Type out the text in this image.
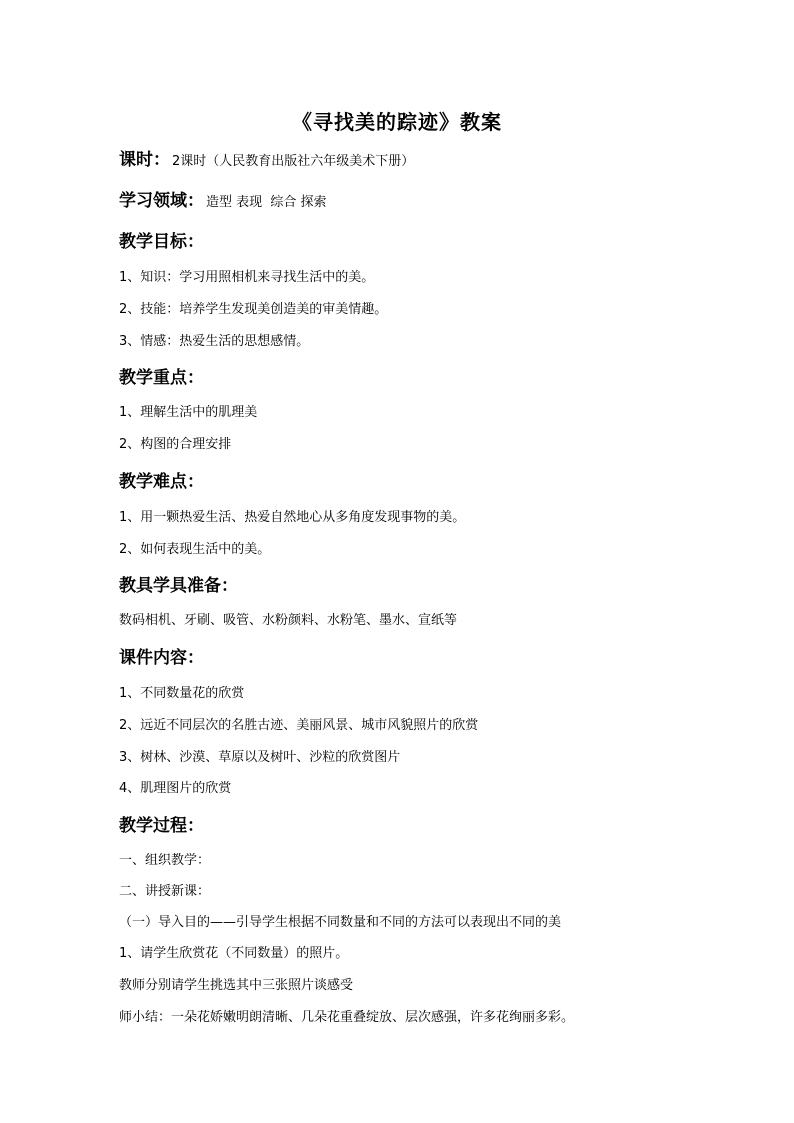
《寻找美的踪迹》教案
课时： 2课时（人民教育出版社六年级美术下册）
学习领域： 造型 表现  综合 探索
教学目标：
1、知识：学习用照相机来寻找生活中的美。
2、技能：培养学生发现美创造美的审美情趣。
3、情感：热爱生活的思想感情。
教学重点：
1、理解生活中的肌理美
2、构图的合理安排
教学难点：
1、用一颗热爱生活、热爱自然地心从多角度发现事物的美。
2、如何表现生活中的美。
教具学具准备：
数码相机、牙刷、吸管、水粉颜料、水粉笔、墨水、宣纸等
课件内容：
1、不同数量花的欣赏
2、远近不同层次的名胜古迹、美丽风景、城市风貌照片的欣赏
3、树林、沙漠、草原以及树叶、沙粒的欣赏图片
4、肌理图片的欣赏
教学过程：
一、组织教学：
二、讲授新课：
（一）导入目的——引导学生根据不同数量和不同的方法可以表现出不同的美
1、请学生欣赏花（不同数量）的照片。
教师分别请学生挑选其中三张照片谈感受
师小结：一朵花娇嫩明朗清晰、几朵花重叠绽放、层次感强，许多花绚丽多彩。
